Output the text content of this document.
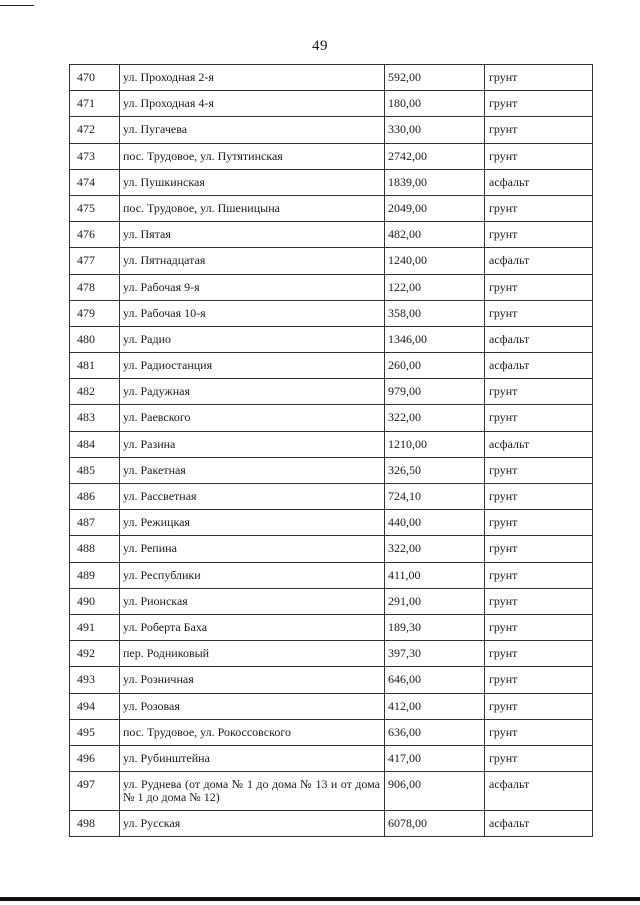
49
470	ул. Проходная 2-я	592,00	грунт
471	ул. Проходная 4-я	180,00	грунт
472	ул. Пугачева	330,00	грунт
473	пос. Трудовое, ул. Путятинская	2742,00	грунт
474	ул. Пушкинская	1839,00	асфальт
475	пос. Трудовое, ул. Пшеницына	2049,00	грунт
476	ул. Пятая	482,00	грунт
477	ул. Пятнадцатая	1240,00	асфальт
478	ул. Рабочая 9-я	122,00	грунт
479	ул. Рабочая 10-я	358,00	грунт
480	ул. Радио	1346,00	асфальт
481	ул. Радиостанция	260,00	асфальт
482	ул. Радужная	979,00	грунт
483	ул. Раевского	322,00	грунт
484	ул. Разина	1210,00	асфальт
485	ул. Ракетная	326,50	грунт
486	ул. Рассветная	724,10	грунт
487	ул. Режицкая	440,00	грунт
488	ул. Репина	322,00	грунт
489	ул. Республики	411,00	грунт
490	ул. Рионская	291,00	грунт
491	ул. Роберта Баха	189,30	грунт
492	пер. Родниковый	397,30	грунт
493	ул. Розничная	646,00	грунт
494	ул. Розовая	412,00	грунт
495	пос. Трудовое, ул. Рокоссовского	636,00	грунт
496	ул. Рубинштейна	417,00	грунт
497	ул. Руднева (от дома № 1 до дома № 13 и от дома № 1 до дома № 12)	906,00	асфальт
498	ул. Русская	6078,00	асфальт
